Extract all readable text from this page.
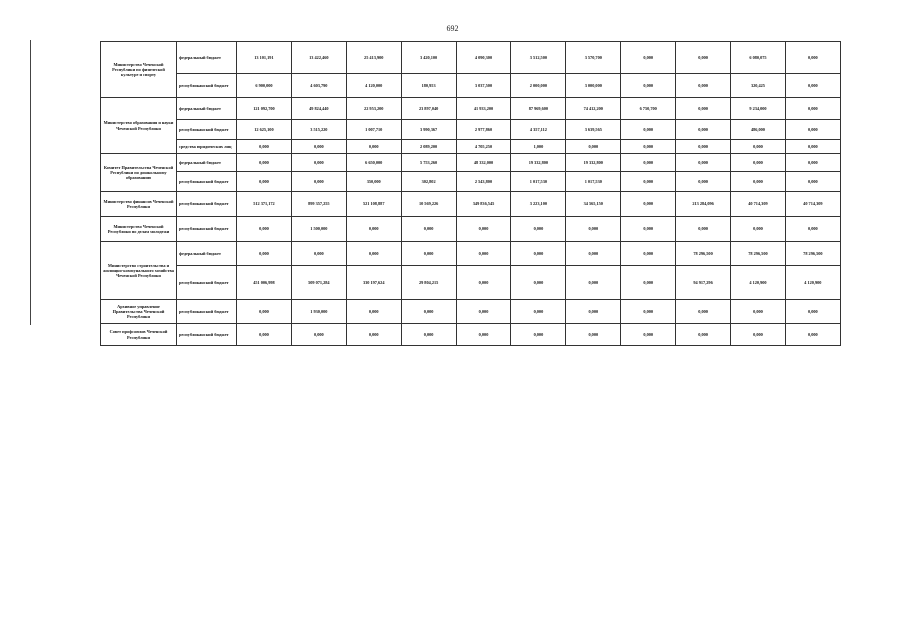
692
Министерство Чеченской Республики по физической культуре и спорту	федеральный бюджет	13 101,191	13 422,460	25 413,900	3 420,100	4 090,300	3 512,500	3 570,700	0,000	0,000	6 080,075	0,000
	республиканский бюджет	6 900,000	4 603,790	4 120,000	180,953	3 037,500	2 000,000	3 000,000	0,000	0,000	320,425	0,000
Министерство образования и науки Чеченской Республики	федеральный бюджет	121 092,700	49 824,440	22 953,200	23 897,040	41 933,200	87 969,600	74 412,200	6 750,700	0,000	9 234,000	0,000
	республиканский бюджет	12 625,100	3 515,220	1 007,710	3 990,367	2 977,860	4 357,112	3 639,565	0,000	0,000	486,000	0,000
	средства юридических лиц	0,000	0,000	0,000	2 089,200	4 705,250	1,000	0,000	0,000	0,000	0,000	0,000
Комитет Правительства Чеченской Республики по дошкольному образованию	федеральный бюджет	0,000	0,000	6 650,000	5 753,260	48 332,000	19 332,800	19 332,800	0,000	0,000	0,000	0,000
	республиканский бюджет	0,000	0,000	350,000	302,802	2 543,800	1 017,530	1 017,530	0,000	0,000	0,000	0,000
Министерство финансов Чеченской Республики	республиканский бюджет	512 371,172	899 357,255	521 108,887	10 569,226	349 836,545	3 223,100	34 565,150	0,000	213 284,096	40 714,309	40 714,309
Министерство Чеченской Республики по делам молодежи	республиканский бюджет	0,000	1 500,000	0,000	0,000	0,000	0,000	0,000	0,000	0,000	0,000	0,000
Министерство строительства и жилищно-коммунального хозяйства Чеченской Республики	федеральный бюджет	0,000	0,000	0,000	0,000	0,000	0,000	0,000	0,000	78 296,500	78 296,500	78 296,500
	республиканский бюджет	451 006,998	509 071,284	330 197,624	29 804,215	0,000	0,000	0,000	0,000	94 917,296	4 120,900	4 120,900
Архивное управление Правительства Чеченской Республики	республиканский бюджет	0,000	1 930,000	0,000	0,000	0,000	0,000	0,000	0,000	0,000	0,000	0,000
Совет профсоюзов Чеченской Республики	республиканский бюджет	0,000	0,000	0,000	0,000	0,000	0,000	0,000	0,000	0,000	0,000	0,000
